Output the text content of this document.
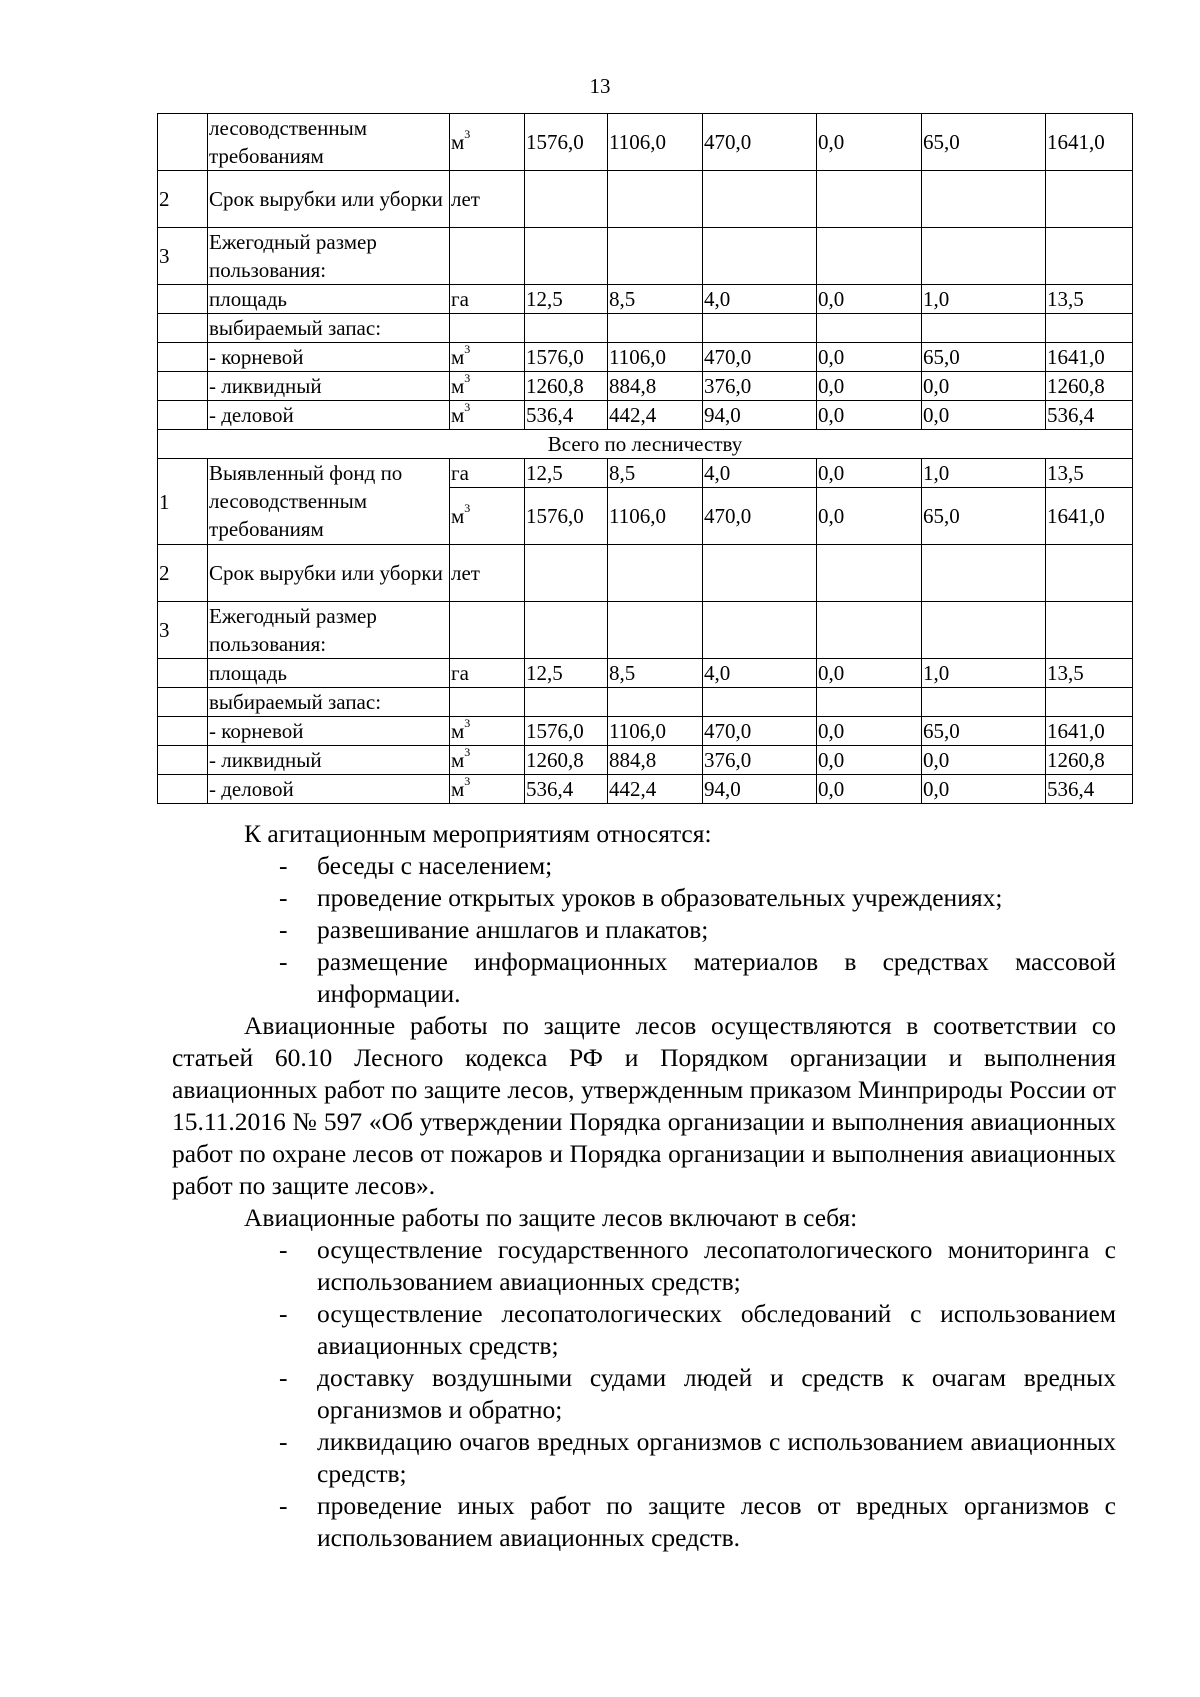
13
	лесоводственным требованиям	$м^3$	1576,0	1106,0	470,0	0,0	65,0	1641,0
2	Срок вырубки или уборки	лет						
3	Ежегодный размер пользования:							
	площадь	га	12,5	8,5	4,0	0,0	1,0	13,5
	выбираемый запас:							
	- корневой	$м^3$	1576,0	1106,0	470,0	0,0	65,0	1641,0
	- ликвидный	$м^3$	1260,8	884,8	376,0	0,0	0,0	1260,8
	- деловой	$м^3$	536,4	442,4	94,0	0,0	0,0	536,4
Всего по лесничеству								
1	Выявленный фонд по лесоводственным требованиям	га	12,5	8,5	4,0	0,0	1,0	13,5
		$м^3$	1576,0	1106,0	470,0	0,0	65,0	1641,0
2	Срок вырубки или уборки	лет						
3	Ежегодный размер пользования:							
	площадь	га	12,5	8,5	4,0	0,0	1,0	13,5
	выбираемый запас:							
	- корневой	$м^3$	1576,0	1106,0	470,0	0,0	65,0	1641,0
	- ликвидный	$м^3$	1260,8	884,8	376,0	0,0	0,0	1260,8
	- деловой	$м^3$	536,4	442,4	94,0	0,0	0,0	536,4

К агитационным мероприятиям относятся:

- беседы с населением;
- проведение открытых уроков в образовательных учреждениях;
- развешивание аншлагов и плакатов;
- размещение информационных материалов в средствах массовой информации.

Авиационные работы по защите лесов осуществляются в соответствии со статьей 60.10 Лесного кодекса РФ и Порядком организации и выполнения авиационных работ по защите лесов, утвержденным приказом Минприроды России от 15.11.2016 № 597 «Об утверждении Порядка организации и выполнения авиационных работ по охране лесов от пожаров и Порядка организации и выполнения авиационных работ по защите лесов».

Авиационные работы по защите лесов включают в себя:

- осуществление государственного лесопатологического мониторинга с использованием авиационных средств;
- осуществление лесопатологических обследований с использованием авиационных средств;
- доставку воздушными судами людей и средств к очагам вредных организмов и обратно;
- ликвидацию очагов вредных организмов с использованием авиационных средств;
- проведение иных работ по защите лесов от вредных организмов с использованием авиационных средств.
